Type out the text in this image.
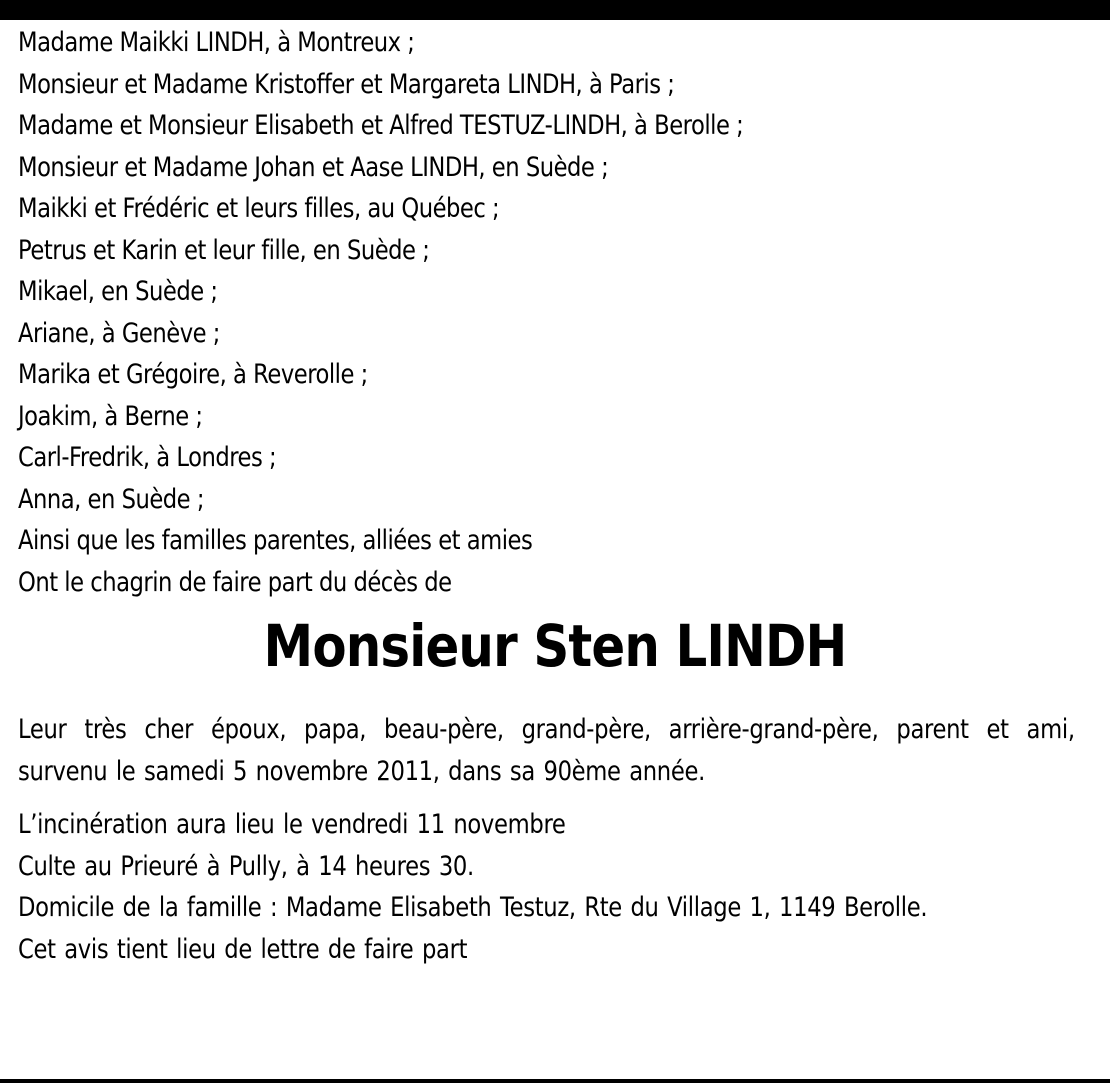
Madame Maikki LINDH, à Montreux ;
Monsieur et Madame Kristoffer et Margareta LINDH, à Paris ;
Madame et Monsieur Elisabeth et Alfred TESTUZ-LINDH, à Berolle ;
Monsieur et Madame Johan et Aase LINDH, en Suède ;
Maikki et Frédéric et leurs filles, au Québec ;
Petrus et Karin et leur fille, en Suède ;
Mikael, en Suède ;
Ariane, à Genève ;
Marika et Grégoire, à Reverolle ;
Joakim, à Berne ;
Carl-Fredrik, à Londres ;
Anna, en Suède ;
Ainsi que les familles parentes, alliées et amies
Ont le chagrin de faire part du décès de
Monsieur Sten LINDH
Leur très cher époux, papa, beau-père, grand-père, arrière-grand-père, parent et ami, survenu le samedi 5 novembre 2011, dans sa 90ème année.
L’incinération aura lieu le vendredi 11 novembre
Culte au Prieuré à Pully, à 14 heures 30.
Domicile de la famille : Madame Elisabeth Testuz, Rte du Village 1, 1149 Berolle.
Cet avis tient lieu de lettre de faire part
